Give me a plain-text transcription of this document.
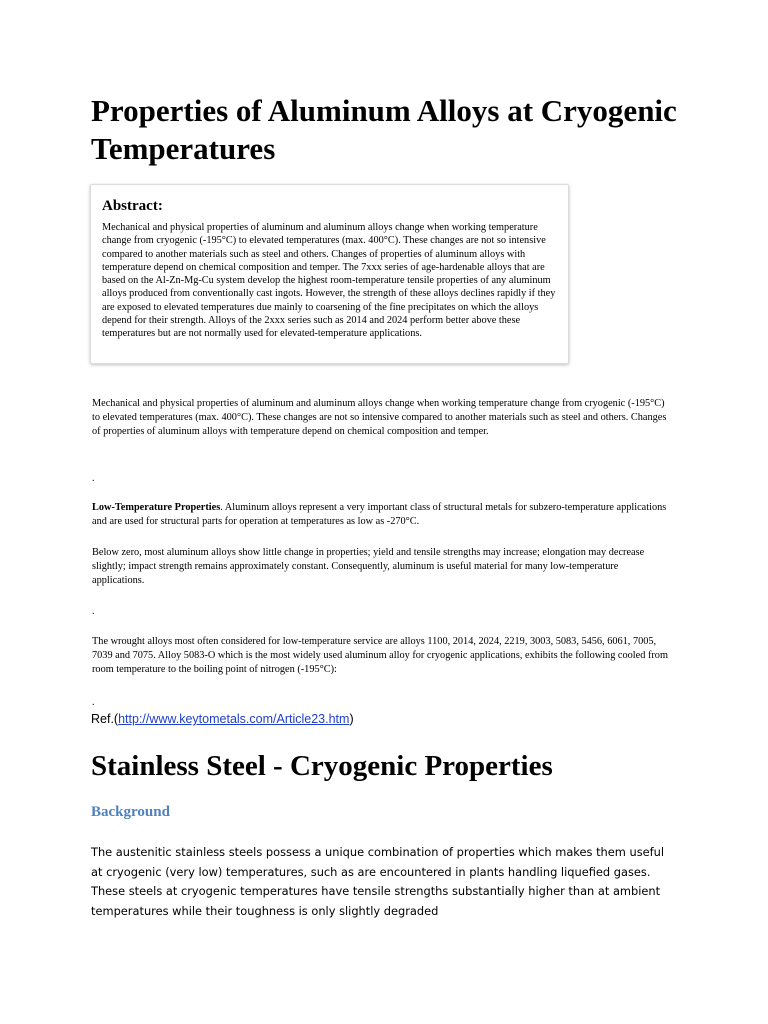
Properties of Aluminum Alloys at Cryogenic Temperatures

Abstract:

Mechanical and physical properties of aluminum and aluminum alloys change when working temperature change from cryogenic (-195°C) to elevated temperatures (max. 400°C). These changes are not so intensive compared to another materials such as steel and others. Changes of properties of aluminum alloys with temperature depend on chemical composition and temper. The 7xxx series of age-hardenable alloys that are based on the Al-Zn-Mg-Cu system develop the highest room-temperature tensile properties of any aluminum alloys produced from conventionally cast ingots. However, the strength of these alloys declines rapidly if they are exposed to elevated temperatures due mainly to coarsening of the fine precipitates on which the alloys depend for their strength. Alloys of the 2xxx series such as 2014 and 2024 perform better above these temperatures but are not normally used for elevated-temperature applications.

Mechanical and physical properties of aluminum and aluminum alloys change when working temperature change from cryogenic (-195°C) to elevated temperatures (max. 400°C). These changes are not so intensive compared to another materials such as steel and others. Changes of properties of aluminum alloys with temperature depend on chemical composition and temper.

.

Low-Temperature Properties. Aluminum alloys represent a very important class of structural metals for subzero-temperature applications and are used for structural parts for operation at temperatures as low as -270°C.

Below zero, most aluminum alloys show little change in properties; yield and tensile strengths may increase; elongation may decrease slightly; impact strength remains approximately constant. Consequently, aluminum is useful material for many low-temperature applications.

.

The wrought alloys most often considered for low-temperature service are alloys 1100, 2014, 2024, 2219, 3003, 5083, 5456, 6061, 7005, 7039 and 7075. Alloy 5083-O which is the most widely used aluminum alloy for cryogenic applications, exhibits the following cooled from room temperature to the boiling point of nitrogen (-195°C):

.

Ref.(http://www.keytometals.com/Article23.htm)

Stainless Steel - Cryogenic Properties
Background

The austenitic stainless steels possess a unique combination of properties which makes them useful at cryogenic (very low) temperatures, such as are encountered in plants handling liquefied gases. These steels at cryogenic temperatures have tensile strengths substantially higher than at ambient temperatures while their toughness is only slightly degraded
